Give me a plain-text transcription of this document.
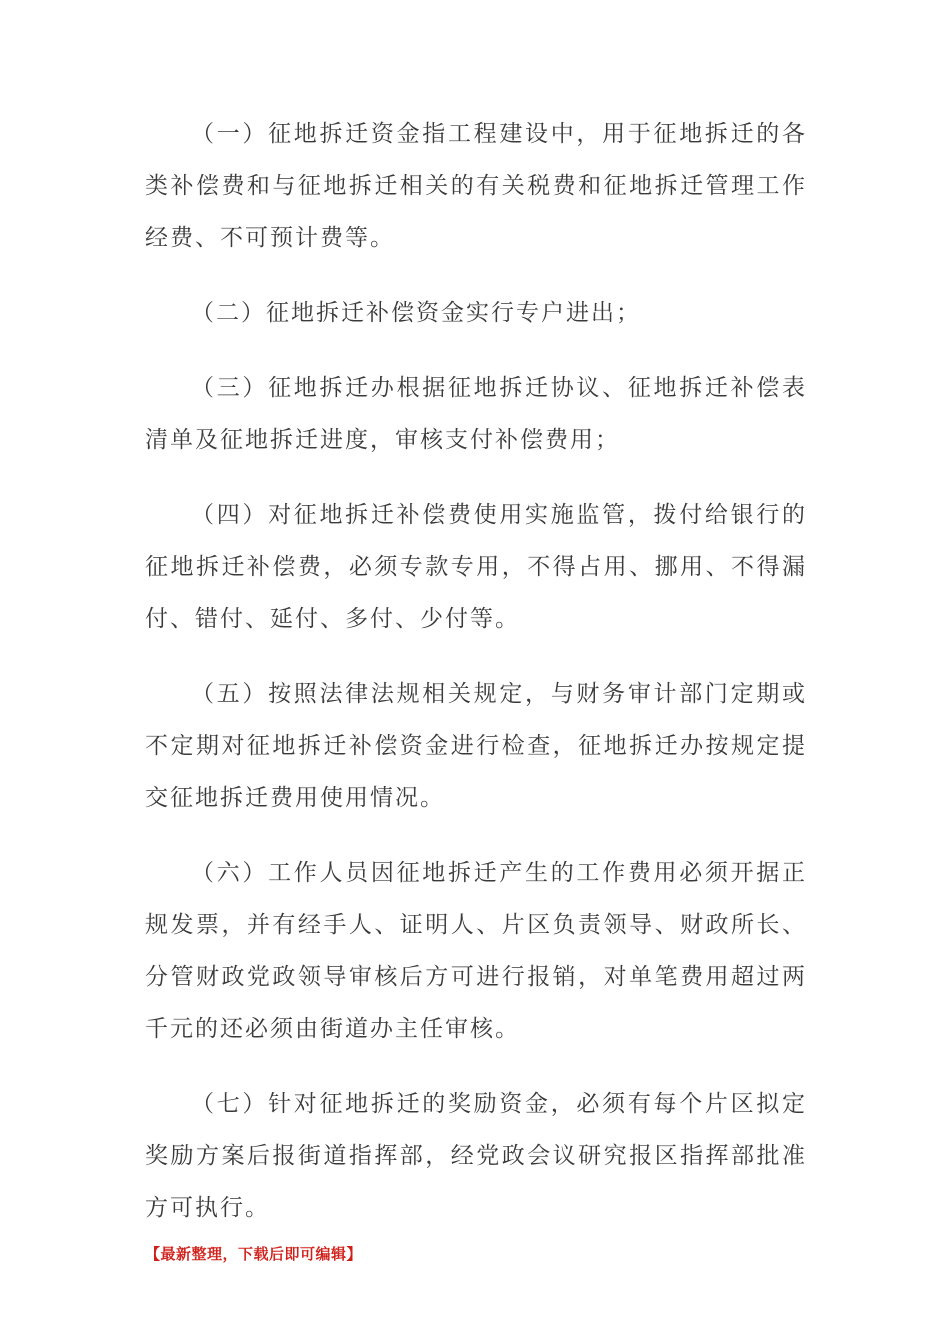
（一）征地拆迁资金指工程建设中，用于征地拆迁的各类补偿费和与征地拆迁相关的有关税费和征地拆迁管理工作经费、不可预计费等。

（二）征地拆迁补偿资金实行专户进出；

（三）征地拆迁办根据征地拆迁协议、征地拆迁补偿表清单及征地拆迁进度，审核支付补偿费用；

（四）对征地拆迁补偿费使用实施监管，拨付给银行的征地拆迁补偿费，必须专款专用，不得占用、挪用、不得漏付、错付、延付、多付、少付等。

（五）按照法律法规相关规定，与财务审计部门定期或不定期对征地拆迁补偿资金进行检查，征地拆迁办按规定提交征地拆迁费用使用情况。

（六）工作人员因征地拆迁产生的工作费用必须开据正规发票，并有经手人、证明人、片区负责领导、财政所长、分管财政党政领导审核后方可进行报销，对单笔费用超过两千元的还必须由街道办主任审核。

（七）针对征地拆迁的奖励资金，必须有每个片区拟定奖励方案后报街道指挥部，经党政会议研究报区指挥部批准方可执行。

【最新整理，下载后即可编辑】
